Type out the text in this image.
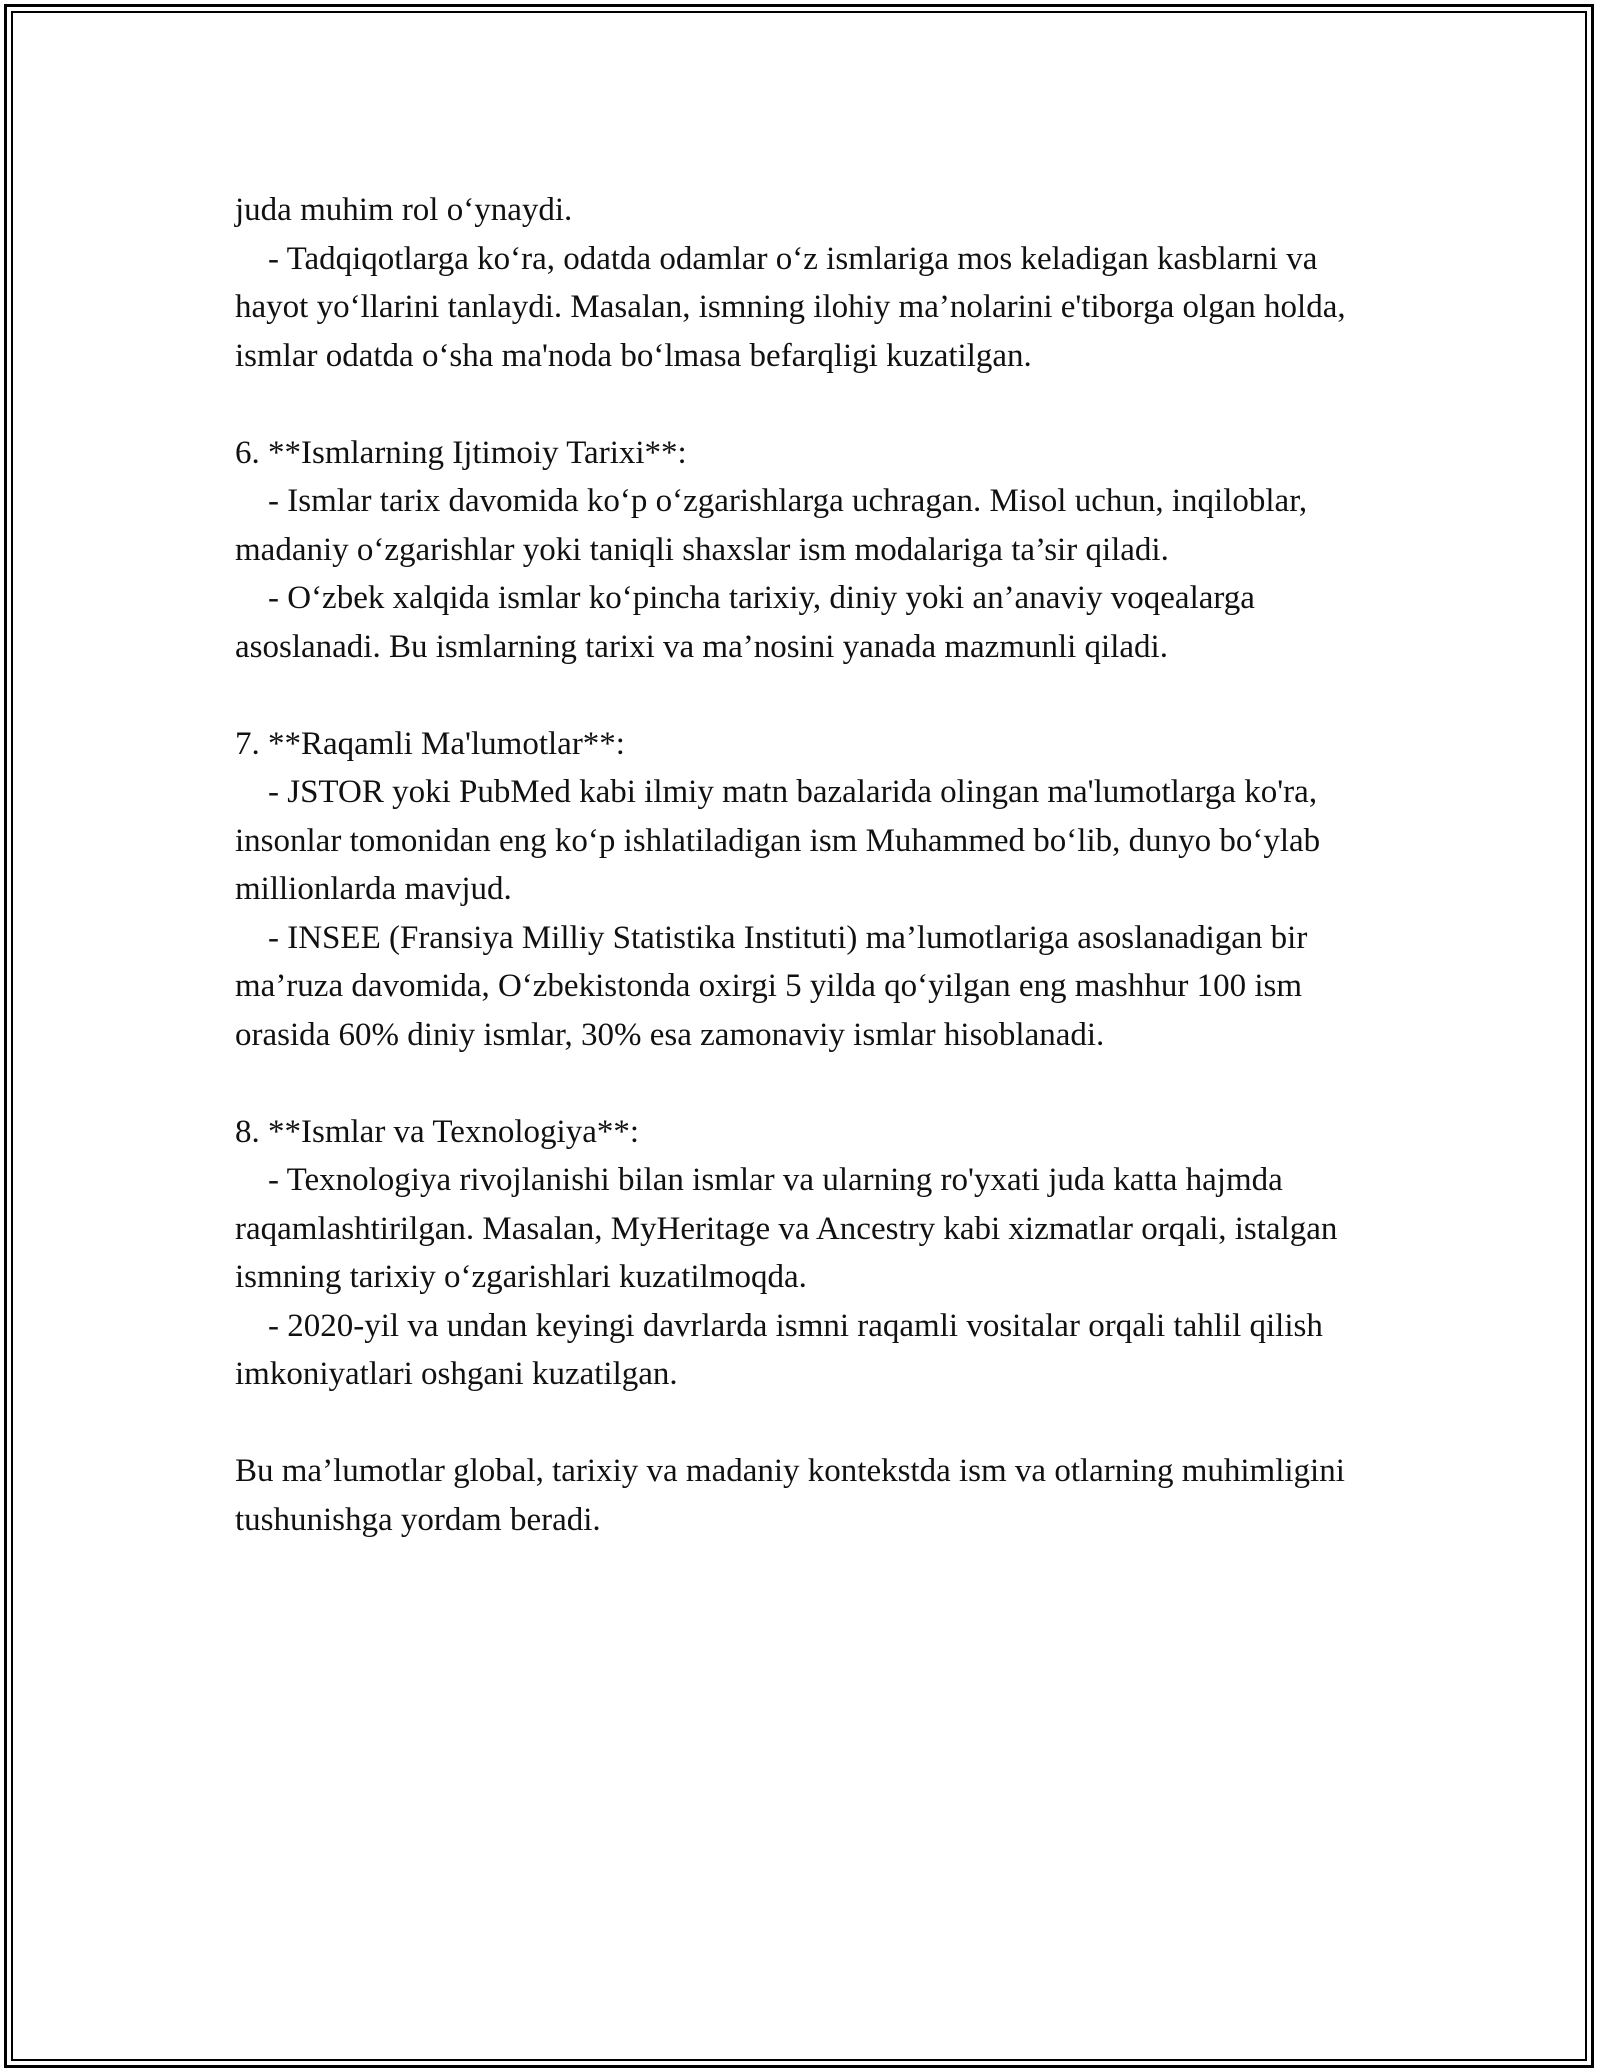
juda muhim rol o‘ynaydi.

- Tadqiqotlarga ko‘ra, odatda odamlar o‘z ismlariga mos keladigan kasblarni va hayot yo‘llarini tanlaydi. Masalan, ismning ilohiy ma’nolarini e'tiborga olgan holda, ismlar odatda o‘sha ma'noda bo‘lmasa befarqligi kuzatilgan.

6. **Ismlarning Ijtimoiy Tarixi**:

- Ismlar tarix davomida ko‘p o‘zgarishlarga uchragan. Misol uchun, inqiloblar, madaniy o‘zgarishlar yoki taniqli shaxslar ism modalariga ta’sir qiladi.

- O‘zbek xalqida ismlar ko‘pincha tarixiy, diniy yoki an’anaviy voqealarga asoslanadi. Bu ismlarning tarixi va ma’nosini yanada mazmunli qiladi.

7. **Raqamli Ma'lumotlar**:

- JSTOR yoki PubMed kabi ilmiy matn bazalarida olingan ma'lumotlarga ko'ra, insonlar tomonidan eng ko‘p ishlatiladigan ism Muhammed bo‘lib, dunyo bo‘ylab millionlarda mavjud.

- INSEE (Fransiya Milliy Statistika Instituti) ma’lumotlariga asoslanadigan bir ma’ruza davomida, O‘zbekistonda oxirgi 5 yilda qo‘yilgan eng mashhur 100 ism orasida 60% diniy ismlar, 30% esa zamonaviy ismlar hisoblanadi.

8. **Ismlar va Texnologiya**:

- Texnologiya rivojlanishi bilan ismlar va ularning ro'yxati juda katta hajmda raqamlashtirilgan. Masalan, MyHeritage va Ancestry kabi xizmatlar orqali, istalgan ismning tarixiy o‘zgarishlari kuzatilmoqda.

- 2020-yil va undan keyingi davrlarda ismni raqamli vositalar orqali tahlil qilish imkoniyatlari oshgani kuzatilgan.

Bu ma’lumotlar global, tarixiy va madaniy kontekstda ism va otlarning muhimligini tushunishga yordam beradi.
